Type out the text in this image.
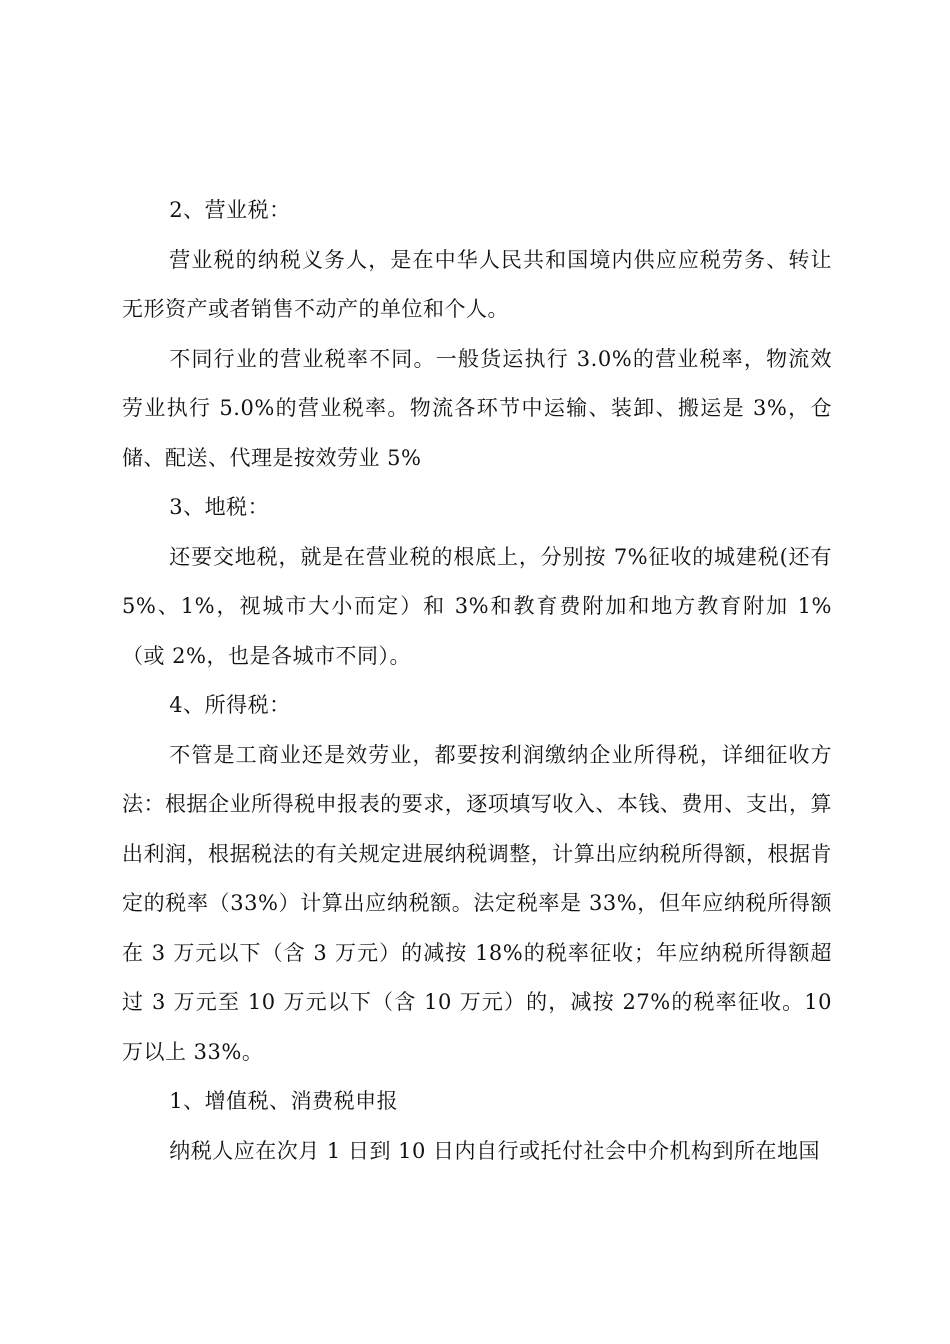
2、营业税：

营业税的纳税义务人，是在中华人民共和国境内供应应税劳务、转让无形资产或者销售不动产的单位和个人。

不同行业的营业税率不同。一般货运执行 3.0%的营业税率，物流效劳业执行 5.0%的营业税率。物流各环节中运输、装卸、搬运是 3%，仓储、配送、代理是按效劳业 5%

3、地税：

还要交地税，就是在营业税的根底上，分别按 7%征收的城建税(还有 5%、1%，视城市大小而定）和 3%和教育费附加和地方教育附加 1%（或 2%，也是各城市不同）。

4、所得税：

不管是工商业还是效劳业，都要按利润缴纳企业所得税，详细征收方法：根据企业所得税申报表的要求，逐项填写收入、本钱、费用、支出，算出利润，根据税法的有关规定进展纳税调整，计算出应纳税所得额，根据肯定的税率（33%）计算出应纳税额。法定税率是 33%，但年应纳税所得额在 3 万元以下（含 3 万元）的减按 18%的税率征收；年应纳税所得额超过 3 万元至 10 万元以下（含 10 万元）的，减按 27%的税率征收。10 万以上 33%。

1、增值税、消费税申报

纳税人应在次月 1 日到 10 日内自行或托付社会中介机构到所在地国
